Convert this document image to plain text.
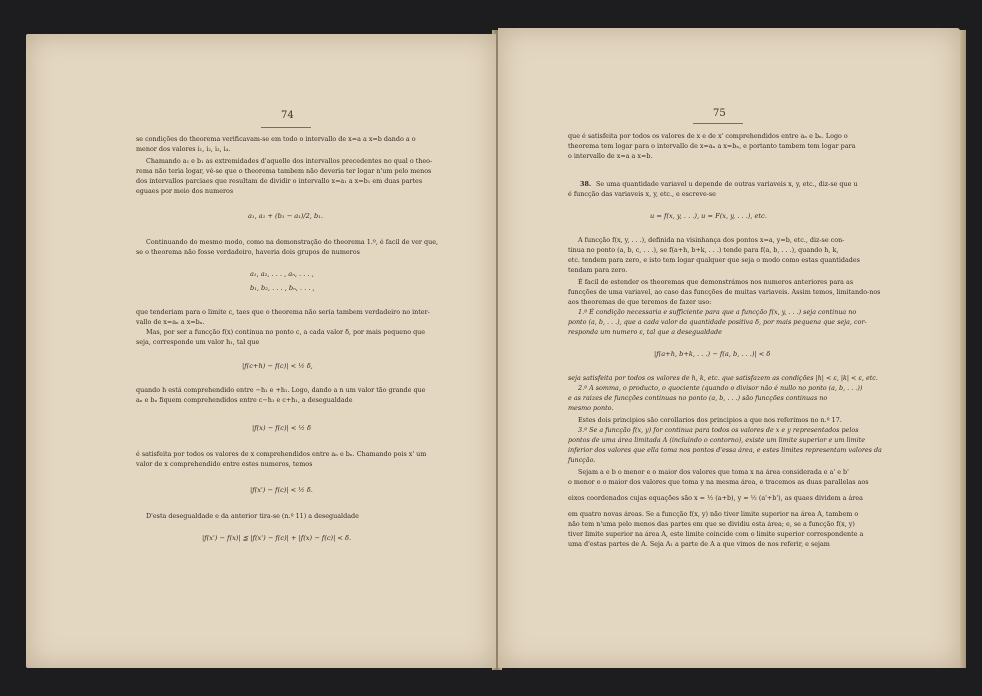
74
se condições do theorema verificavam-se em todo o intervallo de x=a a x=b dando a o
menor dos valores i₁, i₂, i₃, i₄.
Chamando a₁ e b₁ as extremidades d'aquelle dos intervallos precedentes no qual o theo-
rema não teria logar, vê-se que o theorema tambem não deveria ter logar n'um pelo menos
dos intervallos parciaes que resultam de dividir o intervallo x=a₁ a x=b₁ em duas partes
eguaes por meio dos numeros
a₁, a₁ + (b₁ − a₁)/2, b₁.
Continuando do mesmo modo, como na demonstração do theorema 1.º, é facil de ver que,
se o theorema não fosse verdadeiro, haveria dois grupos de numeros
a₁, a₂, . . . , aₙ, . . . ,
b₁, b₂, . . . , bₙ, . . . ,
que tenderiam para o limite c, taes que o theorema não seria tambem verdadeiro no inter-
vallo de x=aₙ a x=bₙ.
Mas, por ser a funcção f(x) continua no ponto c, a cada valor δ, por mais pequeno que
seja, corresponde um valor h₁, tal que
|f(c+h) − f(c)| < ½ δ,
quando h está comprehendido entre −h₁ e +h₁. Logo, dando a n um valor tão grande que
aₙ e bₙ fiquem comprehendidos entre c−h₁ e c+h₁, a desegualdade
|f(x) − f(c)| < ½ δ
é satisfeita por todos os valores de x comprehendidos entre aₙ e bₙ. Chamando pois x' um
valor de x comprehendido entre estes numeros, temos
|f(x') − f(c)| < ½ δ.
D'esta desegualdade e da anterior tira-se (n.º 11) a desegualdade
|f(x') − f(x)| ≦ |f(x') − f(c)| + |f(x) − f(c)| < δ.
75
que é satisfeita por todos os valores de x e de x' comprehendidos entre aₙ e bₙ. Logo o
theorema tem logar para o intervallo de x=aₙ a x=bₙ, e portanto tambem tem logar para
o intervallo de x=a a x=b.
38. Se uma quantidade variavel u depende de outras variaveis x, y, etc., diz-se que u
é funcção das variaveis x, y, etc., e escreve-se
u = f(x, y, . . .), u = F(x, y, . . .), etc.
A funcção f(x, y, . . .), definida na visinhança dos pontos x=a, y=b, etc., diz-se con-
tinua no ponto (a, b, c, . . .), se f(a+h, b+k, . . .) tende para f(a, b, . . .), quando h, k,
etc. tendem para zero, e isto tem logar qualquer que seja o modo como estas quantidades
tendam para zero.
É facil de estender os theoremas que demonstrámos nos numeros anteriores para as
funcções de uma variavel, ao caso das funcções de muitas variaveis. Assim temos, limitando-nos
aos theoremas de que teremos de fazer uso:
1.º É condição necessaria e sufficiente para que a funcção f(x, y, . . .) seja continua no
ponto (a, b, . . .), que a cada valor da quantidade positiva δ, por mais pequena que seja, cor-
responda um numero ε, tal que a desegualdade
|f(a+h, b+k, . . .) − f(a, b, . . .)| < δ
seja satisfeita por todos os valores de h, k, etc. que satisfazem as condições |h| < ε, |k| < ε, etc.
2.º A somma, o producto, o quociente (quando o divisor não é nullo no ponto (a, b, . . .))
e as raizes de funcções continuas no ponto (a, b, . . .) são funcções continuas no
mesmo ponto.
Estes dois principios são corollarios dos principios a que nos referimos no n.º 17.
3.º Se a funcção f(x, y) for continua para todos os valores de x e y representados pelos
pontos de uma área limitada A (incluindo o contorno), existe um limite superior e um limite
inferior dos valores que ella toma nos pontos d'essa área, e estes limites representam valores da
funcção.
Sejam a e b o menor e o maior dos valores que toma x na área considerada e a' e b'
o menor e o maior dos valores que toma y na mesma área, e tracemos as duas parallelas aos
eixos coordenados cujas equações são x = ½ (a+b), y = ½ (a'+b'), as quaes dividem a área
em quatro novas áreas. Se a funcção f(x, y) não tiver limite superior na área A, tambem o
não tem n'uma pelo menos das partes em que se dividiu esta área; e, se a funcção f(x, y)
tiver limite superior na área A, este limite coincide com o limite superior correspondente a
uma d'estas partes de A. Seja A₁ a parte de A a que vimos de nos referir, e sejam
